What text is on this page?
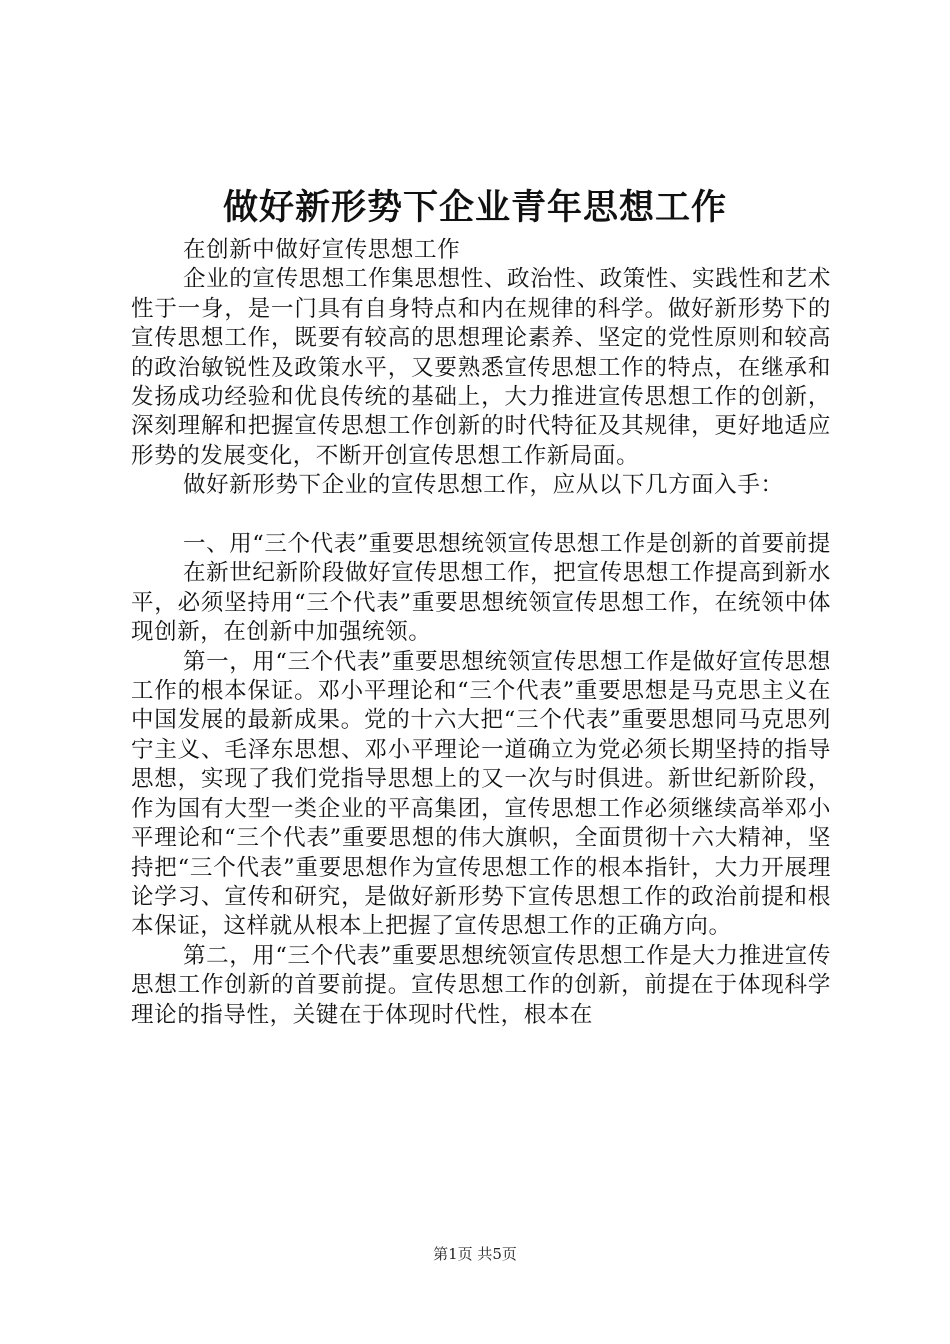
做好新形势下企业青年思想工作

在创新中做好宣传思想工作

企业的宣传思想工作集思想性、政治性、政策性、实践性和艺术性于一身，是一门具有自身特点和内在规律的科学。做好新形势下的宣传思想工作，既要有较高的思想理论素养、坚定的党性原则和较高的政治敏锐性及政策水平，又要熟悉宣传思想工作的特点，在继承和发扬成功经验和优良传统的基础上，大力推进宣传思想工作的创新，深刻理解和把握宣传思想工作创新的时代特征及其规律，更好地适应形势的发展变化，不断开创宣传思想工作新局面。

做好新形势下企业的宣传思想工作，应从以下几方面入手：

一、用“三个代表”重要思想统领宣传思想工作是创新的首要前提

在新世纪新阶段做好宣传思想工作，把宣传思想工作提高到新水平，必须坚持用“三个代表”重要思想统领宣传思想工作，在统领中体现创新，在创新中加强统领。

第一，用“三个代表”重要思想统领宣传思想工作是做好宣传思想工作的根本保证。邓小平理论和“三个代表”重要思想是马克思主义在中国发展的最新成果。党的十六大把“三个代表”重要思想同马克思列宁主义、毛泽东思想、邓小平理论一道确立为党必须长期坚持的指导思想，实现了我们党指导思想上的又一次与时俱进。新世纪新阶段，作为国有大型一类企业的平高集团，宣传思想工作必须继续高举邓小平理论和“三个代表”重要思想的伟大旗帜，全面贯彻十六大精神，坚持把“三个代表”重要思想作为宣传思想工作的根本指针，大力开展理论学习、宣传和研究，是做好新形势下宣传思想工作的政治前提和根本保证，这样就从根本上把握了宣传思想工作的正确方向。

第二，用“三个代表”重要思想统领宣传思想工作是大力推进宣传思想工作创新的首要前提。宣传思想工作的创新，前提在于体现科学理论的指导性，关键在于体现时代性，根本在

第1页 共5页
